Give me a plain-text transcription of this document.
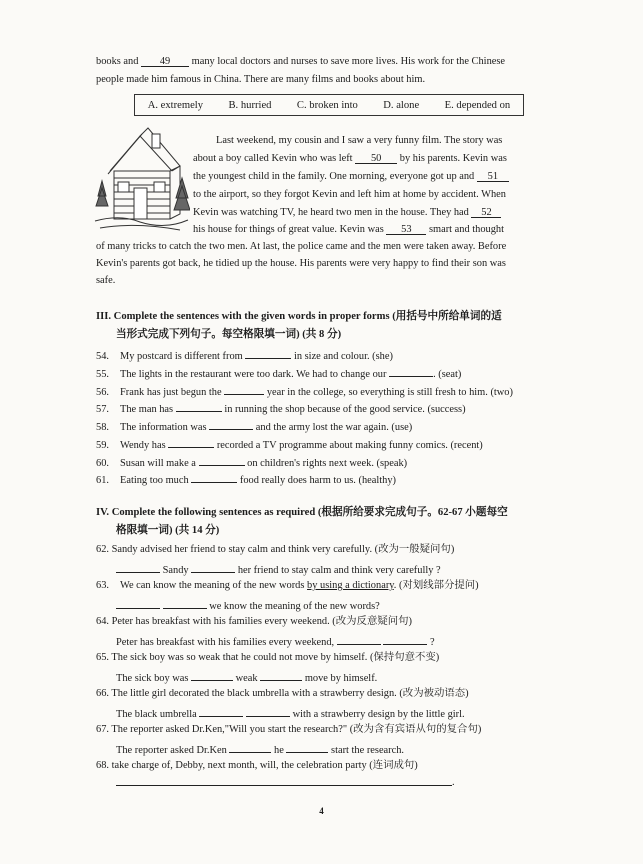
books and 49 many local doctors and nurses to save more lives. His work for the Chinese
people made him famous in China. There are many films and books about him.
A. extremely B. hurried C. broken into D. alone E. depended on
Last weekend, my cousin and I saw a very funny film. The story was
about a boy called Kevin who was left 50 by his parents. Kevin was
the youngest child in the family. One morning, everyone got up and 51
to the airport, so they forgot Kevin and left him at home by accident. When
Kevin was watching TV, he heard two men in the house. They had 52
his house for things of great value. Kevin was 53 smart and thought
of many tricks to catch the two men. At last, the police came and the men were taken away. Before
Kevin's parents got back, he tidied up the house. His parents were very happy to find their son was
safe.
III. Complete the sentences with the given words in proper forms (用括号中所给单词的适
当形式完成下列句子。每空格限填一词) (共 8 分)
54. My postcard is different from	in size and colour. (she)
55. The lights in the restaurant were too dark. We had to change our	. (seat)
56. Frank has just begun the	year in the college, so everything is still fresh to him. (two)
57. The man has	in running the shop because of the good service. (success)
58. The information was	and the army lost the war again. (use)
59. Wendy has	recorded a TV programme about making funny comics. (recent)
60. Susan will make a	on children's rights next week. (speak)
61. Eating too much	food really does harm to us. (healthy)
IV. Complete the following sentences as required (根据所给要求完成句子。62-67 小题每空
格限填一词) (共 14 分)
62. Sandy advised her friend to stay calm and think very carefully. (改为一般疑问句)
Sandy	her friend to stay calm and think very carefully ?
63. We can know the meaning of the new words by using a dictionary. (对划线部分提问)
we know the meaning of the new words?
64. Peter has breakfast with his families every weekend. (改为反意疑问句)
Peter has breakfast with his families every weekend,	?
65. The sick boy was so weak that he could not move by himself. (保持句意不变)
The sick boy was	weak	move by himself.
66. The little girl decorated the black umbrella with a strawberry design. (改为被动语态)
The black umbrella	with a strawberry design by the little girl.
67. The reporter asked Dr.Ken,"Will you start the research?" (改为含有宾语从句的复合句)
The reporter asked Dr.Ken	he	start the research.
68. take charge of, Debby, next month, will, the celebration party (连词成句)
.
4
